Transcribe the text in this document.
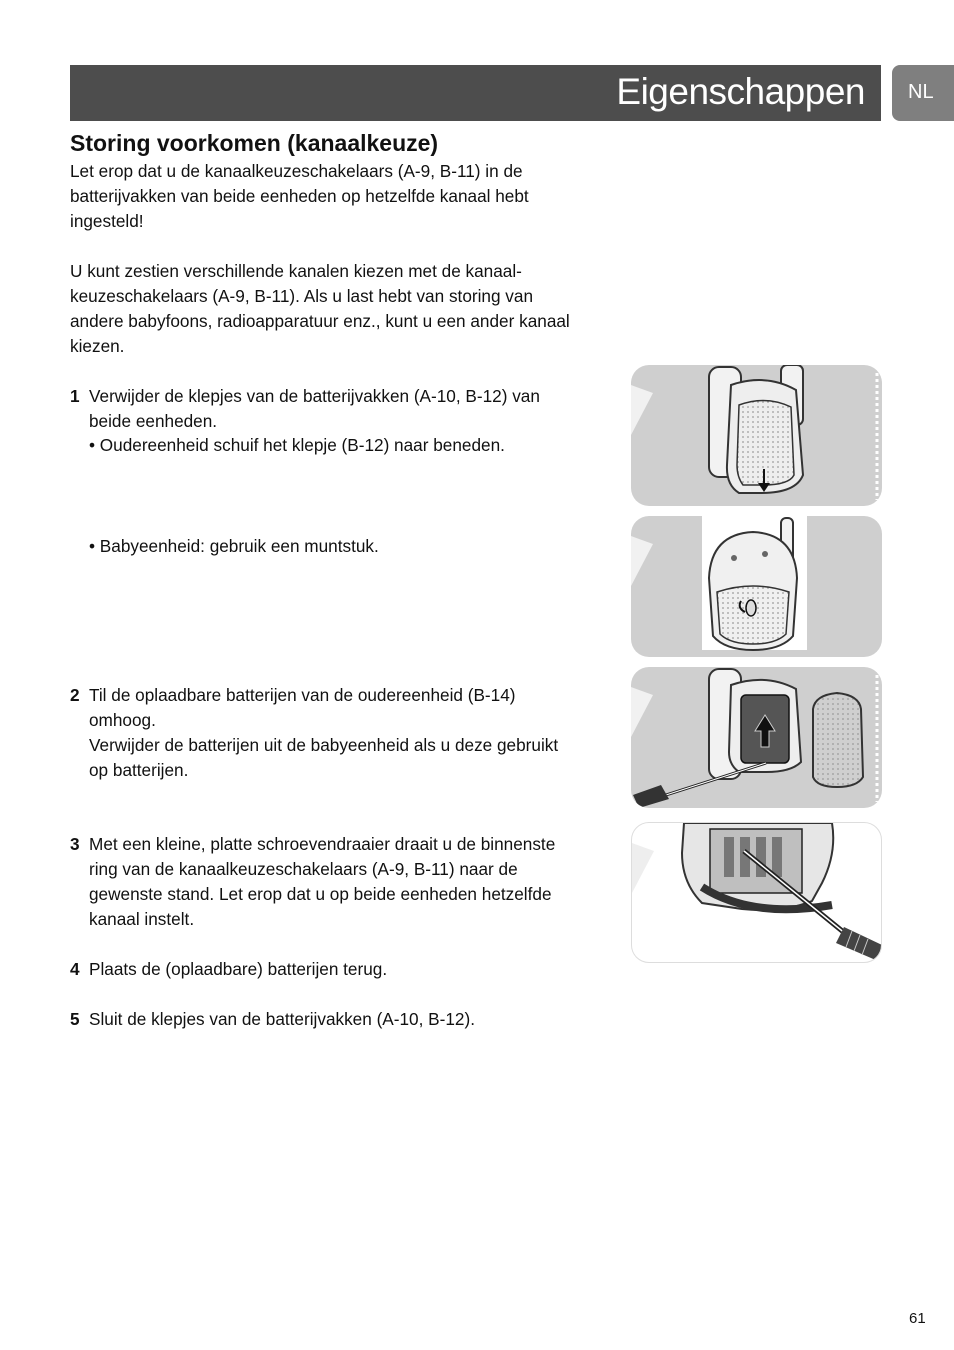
Eigenschappen NL
Storing voorkomen (kanaalkeuze)
Let erop dat u de kanaalkeuzeschakelaars (A-9, B-11) in de
batterijvakken van beide eenheden op hetzelfde kanaal hebt
ingesteld!
U kunt zestien verschillende kanalen kiezen met de kanaal-
keuzeschakelaars (A-9, B-11). Als u last hebt van storing van
andere babyfoons, radioapparatuur enz., kunt u een ander kanaal
kiezen.
1 Verwijder de klepjes van de batterijvakken (A-10, B-12) van
beide eenheden.
• Oudereenheid schuif het klepje (B-12) naar beneden.
• Babyeenheid: gebruik een muntstuk.
2 Til de oplaadbare batterijen van de oudereenheid (B-14)
omhoog.
Verwijder de batterijen uit de babyeenheid als u deze gebruikt
op batterijen.
3 Met een kleine, platte schroevendraaier draait u de binnenste
ring van de kanaalkeuzeschakelaars (A-9, B-11) naar de
gewenste stand. Let erop dat u op beide eenheden hetzelfde
kanaal instelt.
4 Plaats de (oplaadbare) batterijen terug.
5 Sluit de klepjes van de batterijvakken (A-10, B-12).
61
